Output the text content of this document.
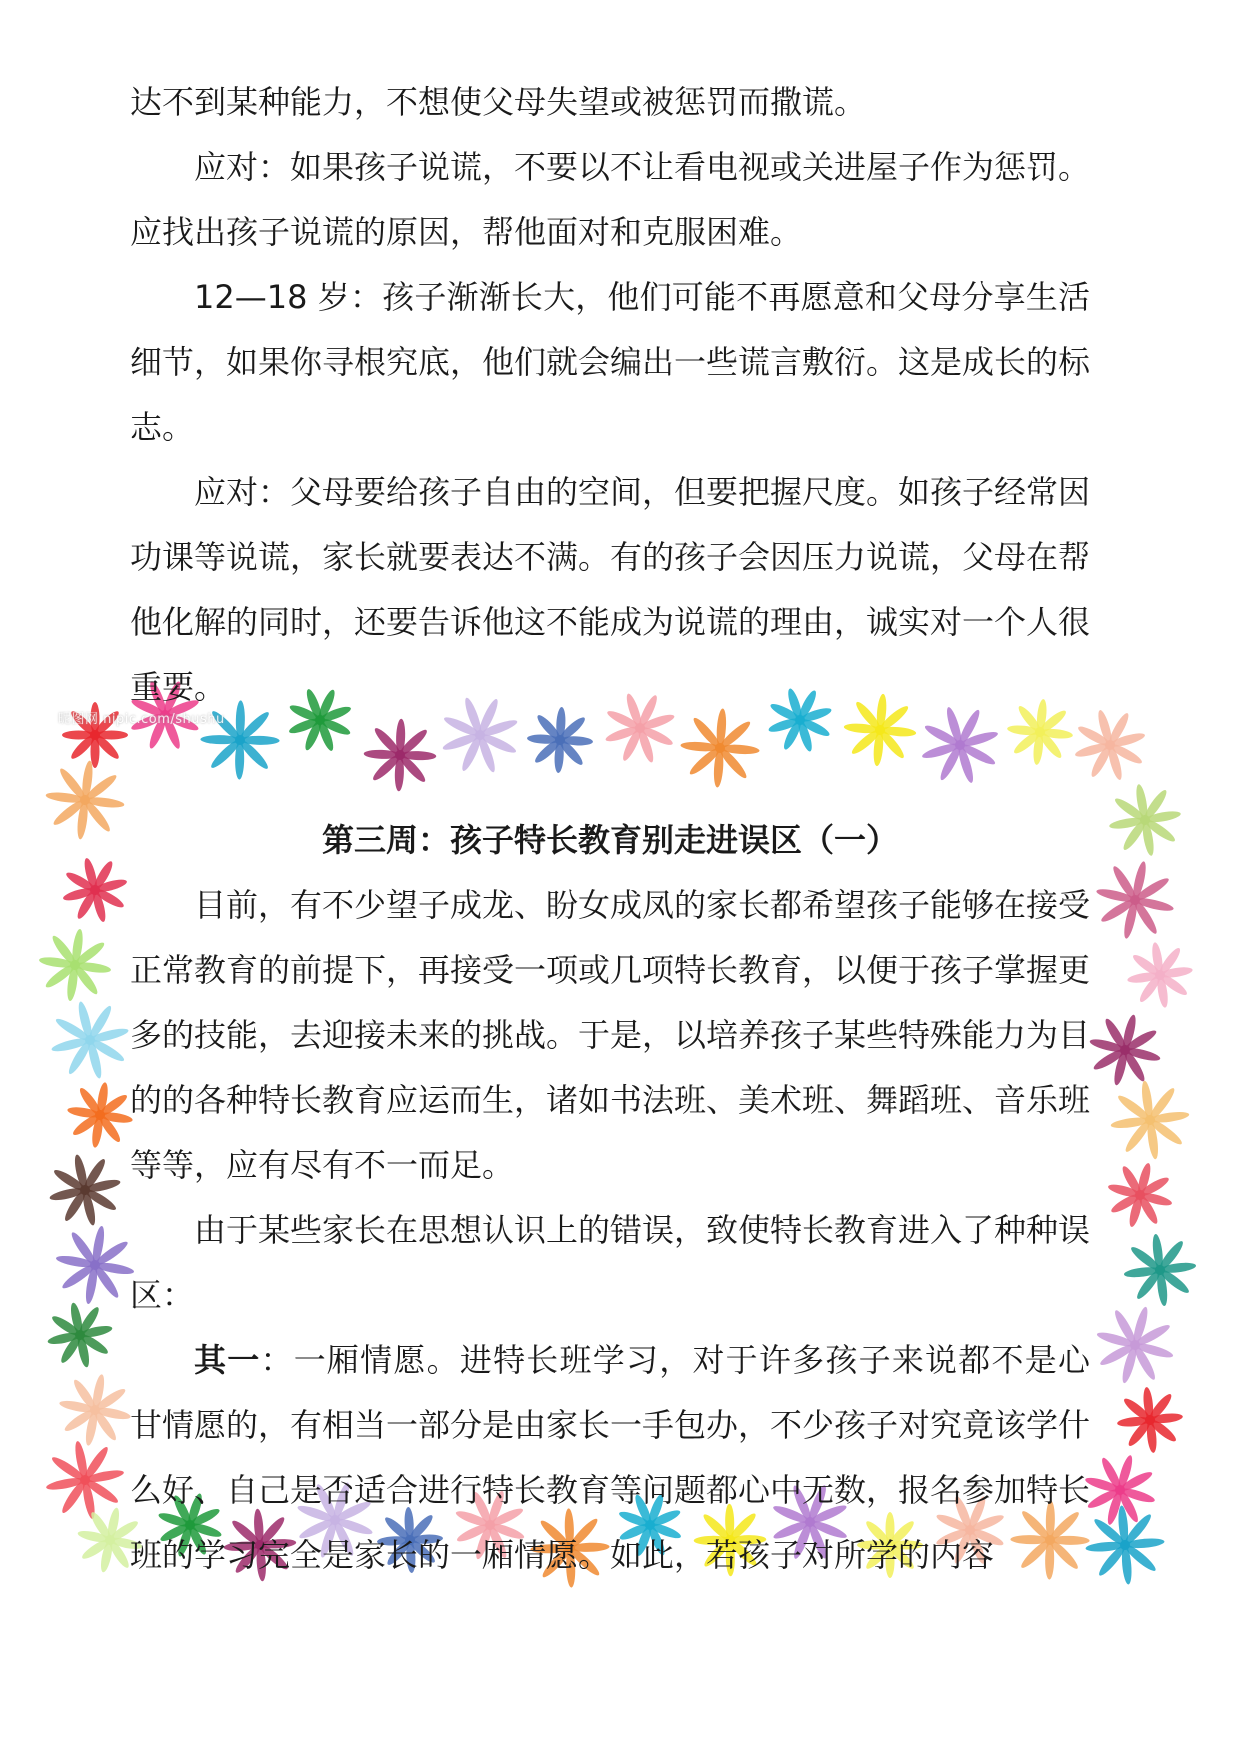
昵图网 nipic.com/shushu

达不到某种能力，不想使父母失望或被惩罚而撒谎。

应对：如果孩子说谎，不要以不让看电视或关进屋子作为惩罚。应找出孩子说谎的原因，帮他面对和克服困难。

12—18 岁：孩子渐渐长大，他们可能不再愿意和父母分享生活细节，如果你寻根究底，他们就会编出一些谎言敷衍。这是成长的标志。

应对：父母要给孩子自由的空间，但要把握尺度。如孩子经常因功课等说谎，家长就要表达不满。有的孩子会因压力说谎，父母在帮他化解的同时，还要告诉他这不能成为说谎的理由，诚实对一个人很重要。

第三周：孩子特长教育别走进误区（一）

目前，有不少望子成龙、盼女成凤的家长都希望孩子能够在接受正常教育的前提下，再接受一项或几项特长教育，以便于孩子掌握更多的技能，去迎接未来的挑战。于是，以培养孩子某些特殊能力为目的的各种特长教育应运而生，诸如书法班、美术班、舞蹈班、音乐班等等，应有尽有不一而足。

由于某些家长在思想认识上的错误，致使特长教育进入了种种误区：

其一：一厢情愿。进特长班学习，对于许多孩子来说都不是心甘情愿的，有相当一部分是由家长一手包办，不少孩子对究竟该学什么好、自己是否适合进行特长教育等问题都心中无数，报名参加特长班的学习完全是家长的一厢情愿。如此，若孩子对所学的内容
